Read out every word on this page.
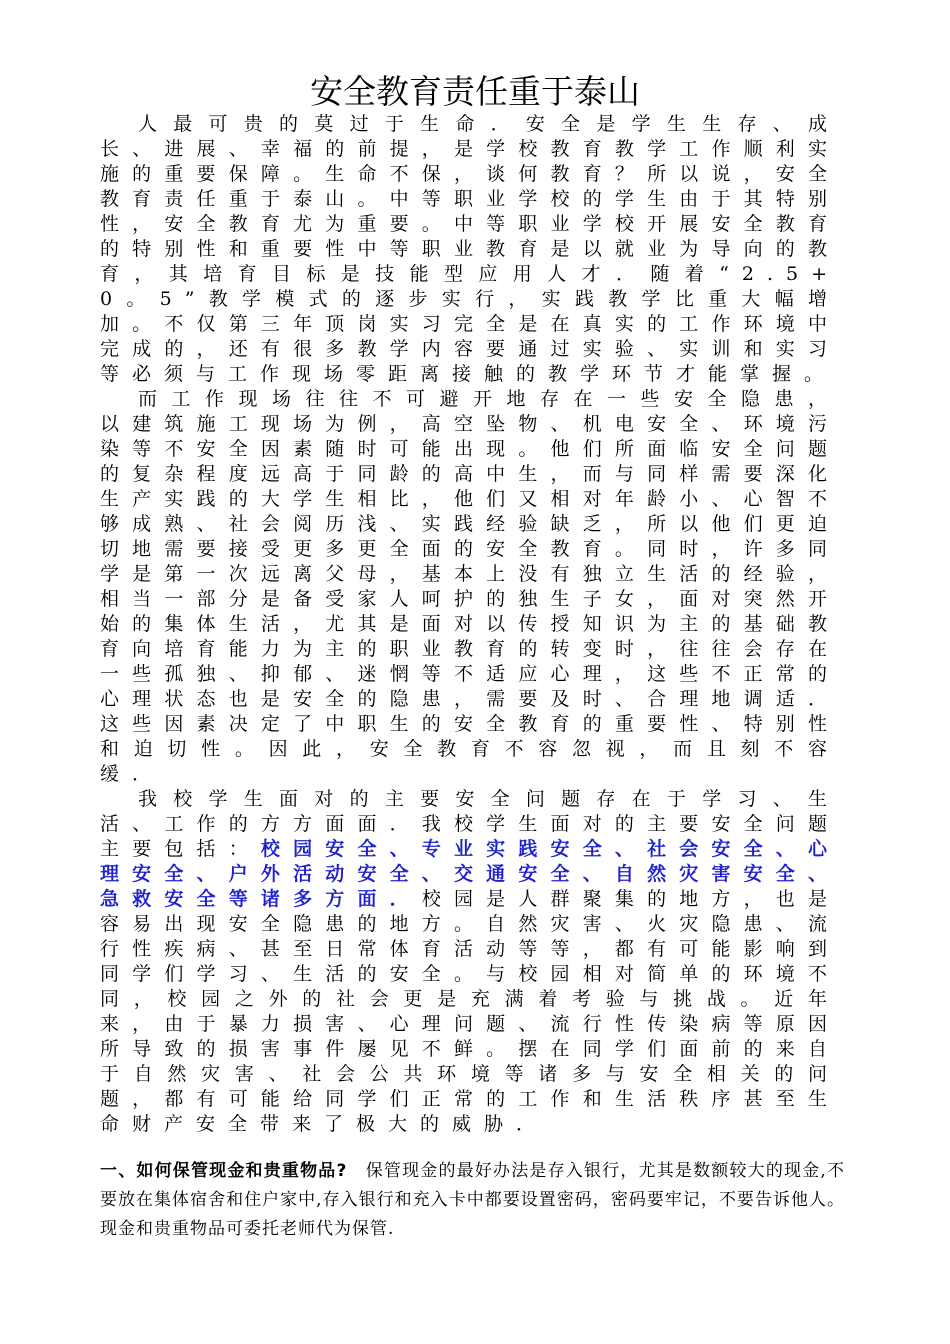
安全教育责任重于泰山

人最可贵的莫过于生命．安全是学生生存、成长、进展、幸福的前提，是学校教育教学工作顺利实施的重要保障。生命不保，谈何教育？所以说，安全教育责任重于泰山。中等职业学校的学生由于其特别性，安全教育尤为重要。中等职业学校开展安全教育的特别性和重要性中等职业教育是以就业为导向的教育，其培育目标是技能型应用人才．随着“2.5+0。5”教学模式的逐步实行，实践教学比重大幅增加。不仅第三年顶岗实习完全是在真实的工作环境中完成的，还有很多教学内容要通过实验、实训和实习等必须与工作现场零距离接触的教学环节才能掌握。

而工作现场往往不可避开地存在一些安全隐患，以建筑施工现场为例，高空坠物、机电安全、环境污染等不安全因素随时可能出现。他们所面临安全问题的复杂程度远高于同龄的高中生，而与同样需要深化生产实践的大学生相比，他们又相对年龄小、心智不够成熟、社会阅历浅、实践经验缺乏，所以他们更迫切地需要接受更多更全面的安全教育。同时，许多同学是第一次远离父母，基本上没有独立生活的经验，相当一部分是备受家人呵护的独生子女，面对突然开始的集体生活，尤其是面对以传授知识为主的基础教育向培育能力为主的职业教育的转变时，往往会存在一些孤独、抑郁、迷惘等不适应心理，这些不正常的心理状态也是安全的隐患，需要及时、合理地调适．这些因素决定了中职生的安全教育的重要性、特别性和迫切性。因此，安全教育不容忽视，而且刻不容缓．

我校学生面对的主要安全问题存在于学习、生活、工作的方方面面．我校学生面对的主要安全问题主要包括：校园安全、专业实践安全、社会安全、心理安全、户外活动安全、交通安全、自然灾害安全、急救安全等诸多方面．校园是人群聚集的地方，也是容易出现安全隐患的地方。自然灾害、火灾隐患、流行性疾病、甚至日常体育活动等等，都有可能影响到同学们学习、生活的安全。与校园相对简单的环境不同，校园之外的社会更是充满着考验与挑战。近年来，由于暴力损害、心理问题、流行性传染病等原因所导致的损害事件屡见不鲜。摆在同学们面前的来自于自然灾害、社会公共环境等诸多与安全相关的问题，都有可能给同学们正常的工作和生活秩序甚至生命财产安全带来了极大的威胁．

一、如何保管现金和贵重物品?　保管现金的最好办法是存入银行，尤其是数额较大的现金,不要放在集体宿舍和住户家中,存入银行和充入卡中都要设置密码，密码要牢记，不要告诉他人。现金和贵重物品可委托老师代为保管.
